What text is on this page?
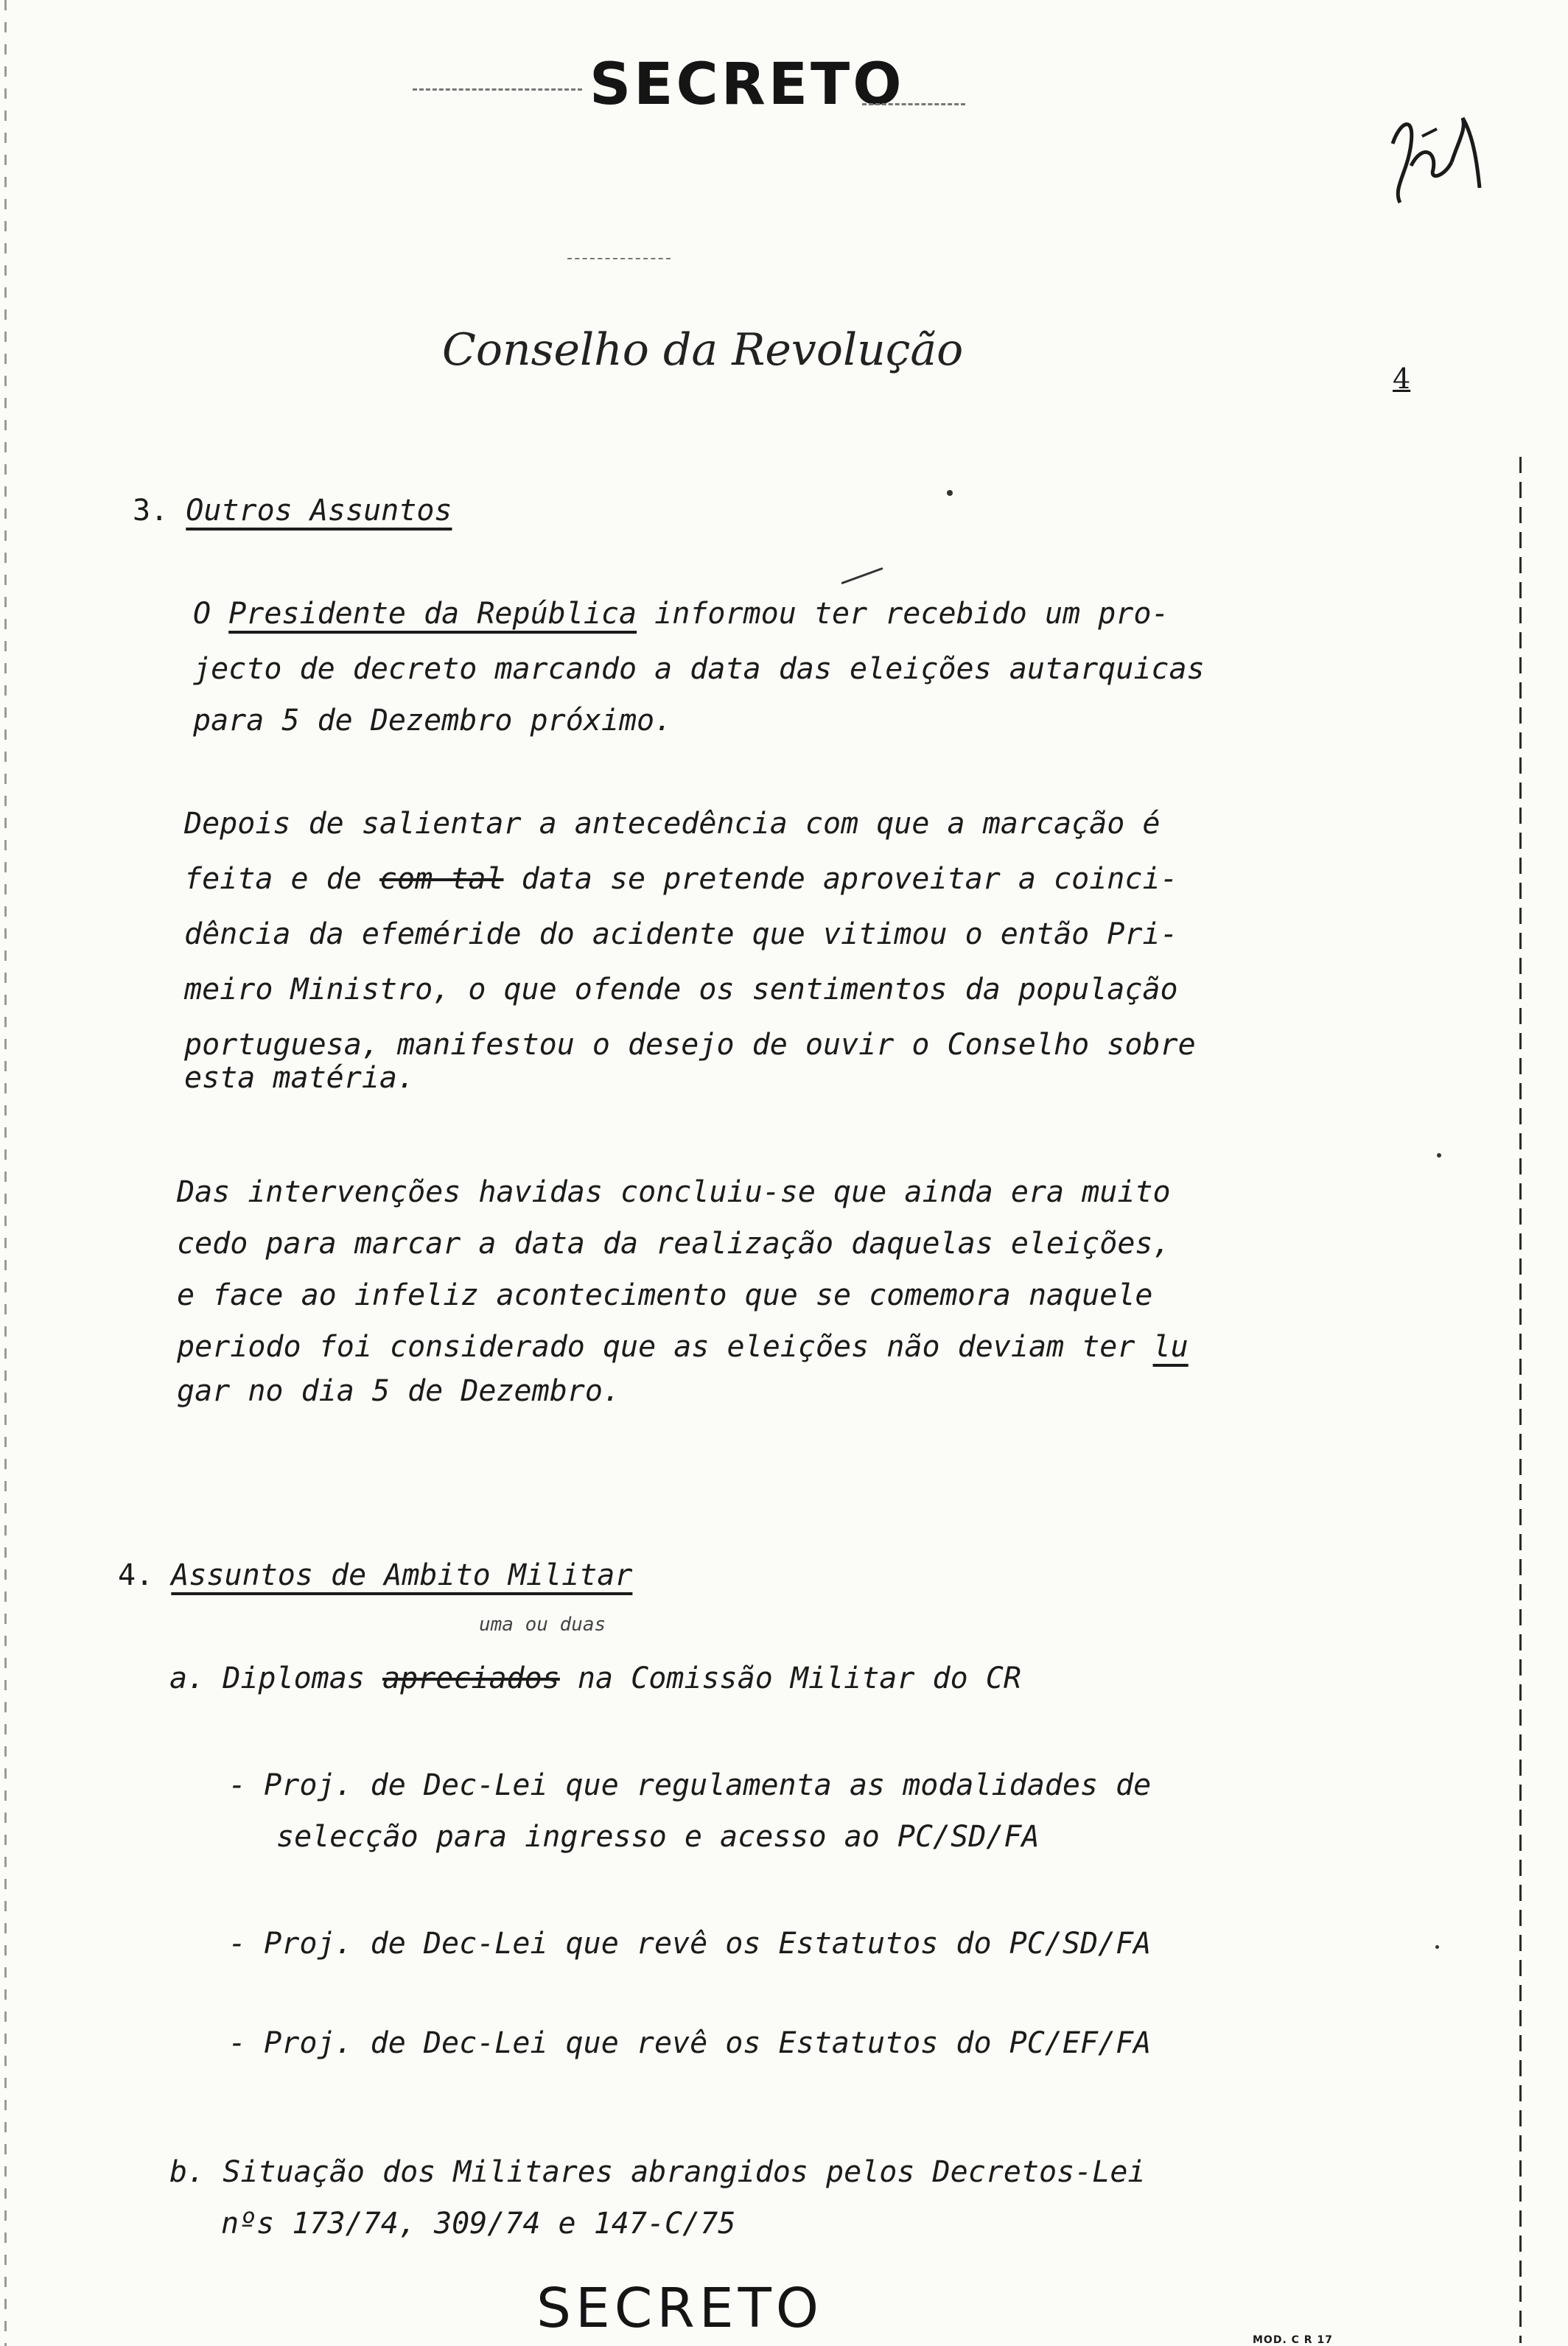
SECRETO
Conselho da Revolução
4
3. Outros Assuntos
O Presidente da República informou ter recebido um pro-
jecto de decreto marcando a data das eleições autarquicas
para 5 de Dezembro próximo.
Depois de salientar a antecedência com que a marcação é
feita e de com tal data se pretende aproveitar a coinci-
dência da efeméride do acidente que vitimou o então Pri-
meiro Ministro, o que ofende os sentimentos da população
portuguesa, manifestou o desejo de ouvir o Conselho sobre
esta matéria.
Das intervenções havidas concluiu-se que ainda era muito
cedo para marcar a data da realização daquelas eleições,
e face ao infeliz acontecimento que se comemora naquele
periodo foi considerado que as eleições não deviam ter lu
gar no dia 5 de Dezembro.
4. Assuntos de Ambito Militar
uma ou duas
a. Diplomas apreciados na Comissão Militar do CR
- Proj. de Dec-Lei que regulamenta as modalidades de
selecção para ingresso e acesso ao PC/SD/FA
- Proj. de Dec-Lei que revê os Estatutos do PC/SD/FA
- Proj. de Dec-Lei que revê os Estatutos do PC/EF/FA
b. Situação dos Militares abrangidos pelos Decretos-Lei
nºs 173/74, 309/74 e 147-C/75
SECRETO	MOD. C R 17
